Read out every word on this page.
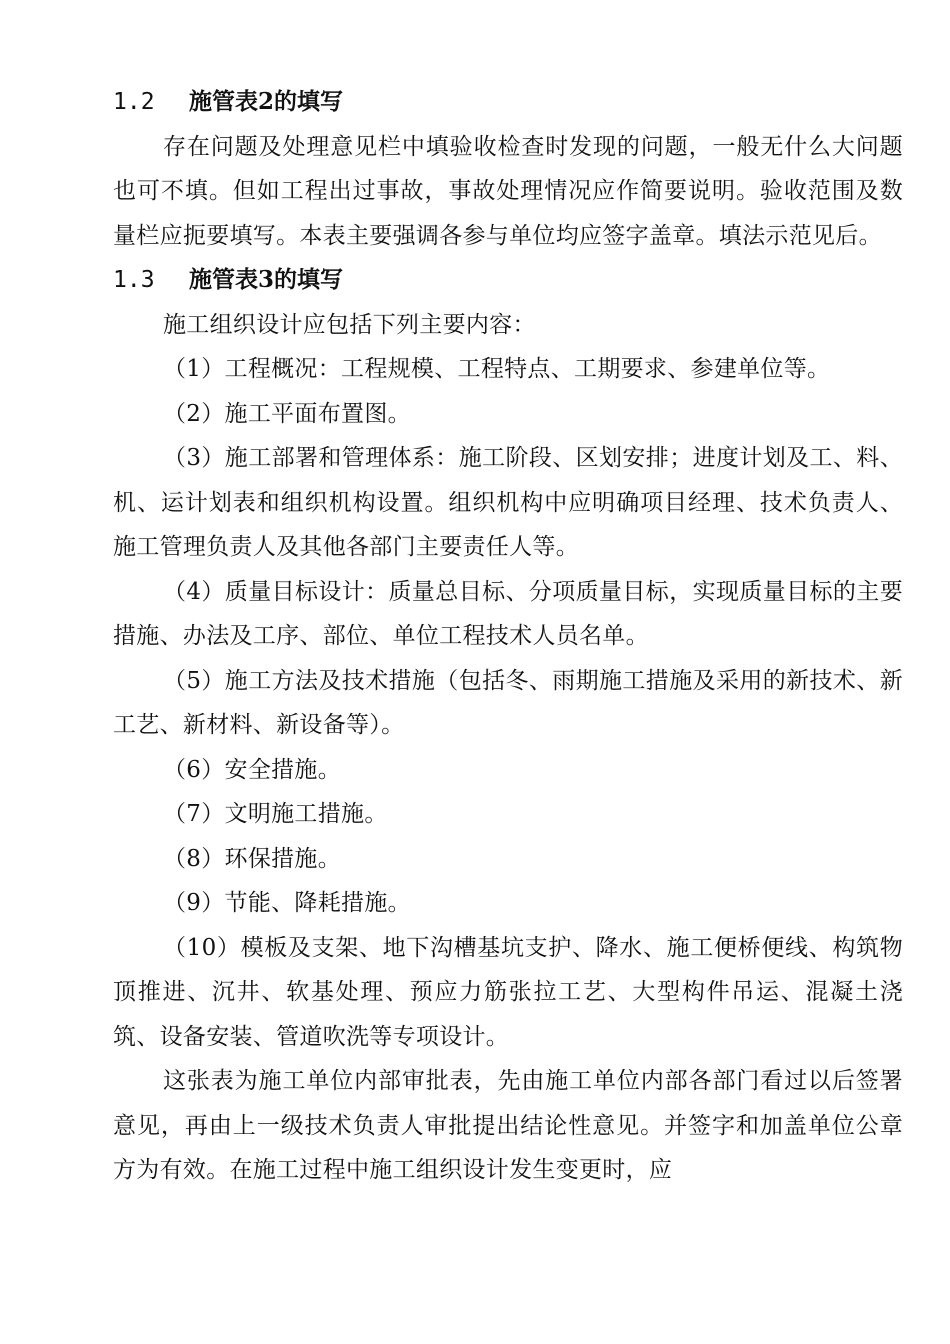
1.2 施管表2的填写

存在问题及处理意见栏中填验收检查时发现的问题，一般无什么大问题也可不填。但如工程出过事故，事故处理情况应作简要说明。验收范围及数量栏应扼要填写。本表主要强调各参与单位均应签字盖章。填法示范见后。

1.3 施管表3的填写

施工组织设计应包括下列主要内容：

（1）工程概况：工程规模、工程特点、工期要求、参建单位等。

（2）施工平面布置图。

（3）施工部署和管理体系：施工阶段、区划安排；进度计划及工、料、机、运计划表和组织机构设置。组织机构中应明确项目经理、技术负责人、施工管理负责人及其他各部门主要责任人等。

（4）质量目标设计：质量总目标、分项质量目标，实现质量目标的主要措施、办法及工序、部位、单位工程技术人员名单。

（5）施工方法及技术措施（包括冬、雨期施工措施及采用的新技术、新工艺、新材料、新设备等）。

（6）安全措施。

（7）文明施工措施。

（8）环保措施。

（9）节能、降耗措施。

（10）模板及支架、地下沟槽基坑支护、降水、施工便桥便线、构筑物顶推进、沉井、软基处理、预应力筋张拉工艺、大型构件吊运、混凝土浇筑、设备安装、管道吹洗等专项设计。

这张表为施工单位内部审批表，先由施工单位内部各部门看过以后签署意见，再由上一级技术负责人审批提出结论性意见。并签字和加盖单位公章方为有效。在施工过程中施工组织设计发生变更时，应
